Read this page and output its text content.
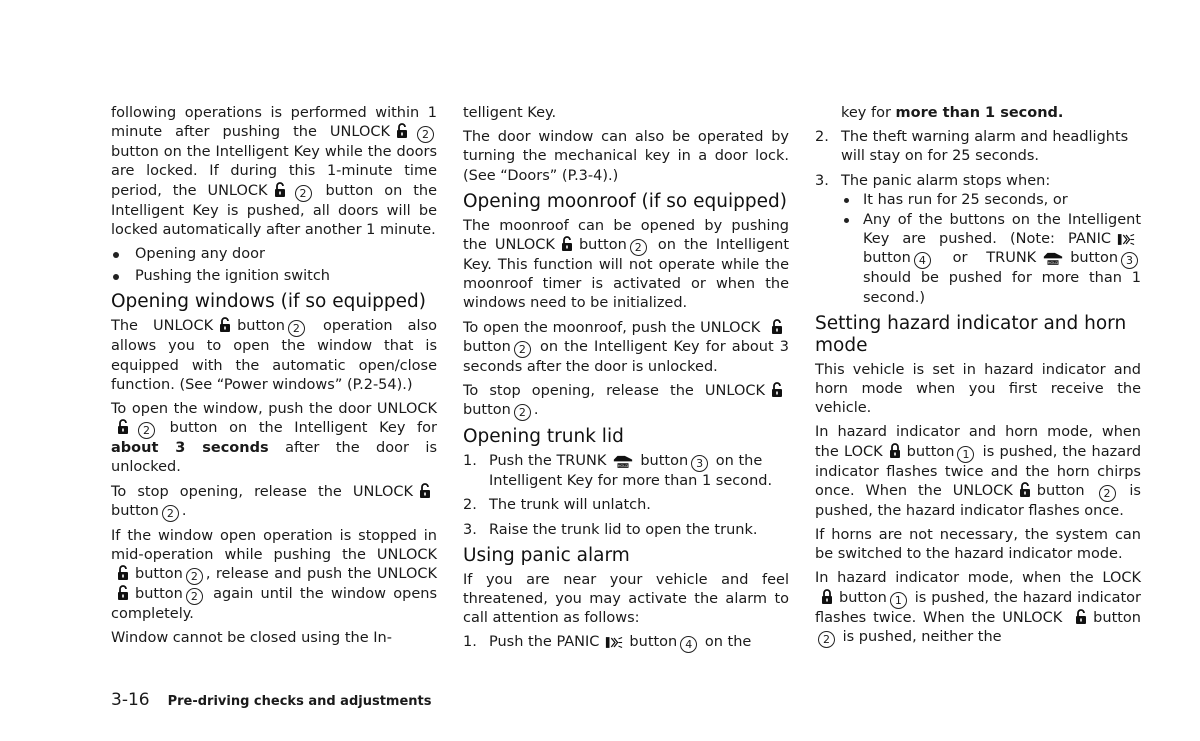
following operations is performed within 1 minute after pushing the UNLOCK	2 button on the Intelligent Key while the doors are locked. If during this 1-minute time period, the UNLOCK	2 button on the Intelligent Key is pushed, all doors will be locked automatically after another 1 minute.

Opening any door
Pushing the ignition switch
Opening windows (if so equipped)

The UNLOCK button 2 operation also allows you to open the window that is equipped with the automatic open/close function. (See “Power windows” (P.2-54).)

To open the window, push the door UNLOCK2 button on the Intelligent Key for about 3 seconds after the door is unlocked.

To stop opening, release the UNLOCK button 2 .

If the window open operation is stopped in mid-operation while pushing the UNLOCK button 2 , release and push the UNLOCKbutton 2 again until the window opens completely.

Window cannot be closed using the In-

telligent Key.

The door window can also be operated by turning the mechanical key in a door lock. (See “Doors” (P.3-4).)

Opening moonroof (if so equipped)

The moonroof can be opened by pushing the UNLOCK button 2 on the Intelligent Key. This function will not operate while the moonroof timer is activated or when the windows need to be initialized.

To open the moonroof, push the UNLOCK button 2 on the Intelligent Key for about 3 seconds after the door is unlocked.

To stop opening, release the UNLOCK button 2 .

Opening trunk lid
1. Push the TRUNK button 3 on the Intelligent Key for more than 1 second.
2. The trunk will unlatch.
3. Raise the trunk lid to open the trunk.
Using panic alarm

If you are near your vehicle and feel threatened, you may activate the alarm to call attention as follows:

1. Push the PANIC button 4 on the

key for more than 1 second.

2. The theft warning alarm and headlights will stay on for 25 seconds.
3. The panic alarm stops when:
It has run for 25 seconds, or
Any of the buttons on the Intelligent Key are pushed. (Note: PANIC button 4 or TRUNK button 3 should be pushed for more than 1 second.)
Setting hazard indicator and horn mode

This vehicle is set in hazard indicator and horn mode when you first receive the vehicle.

In hazard indicator and horn mode, when the LOCK button 1 is pushed, the hazard indicator flashes twice and the horn chirps once. When the UNLOCK button 2 is pushed, the hazard indicator flashes once.

If horns are not necessary, the system can be switched to the hazard indicator mode.

In hazard indicator mode, when the LOCK button 1 is pushed, the hazard indicator flashes twice. When the UNLOCK button2 is pushed, neither the

3-16 Pre-driving checks and adjustments
